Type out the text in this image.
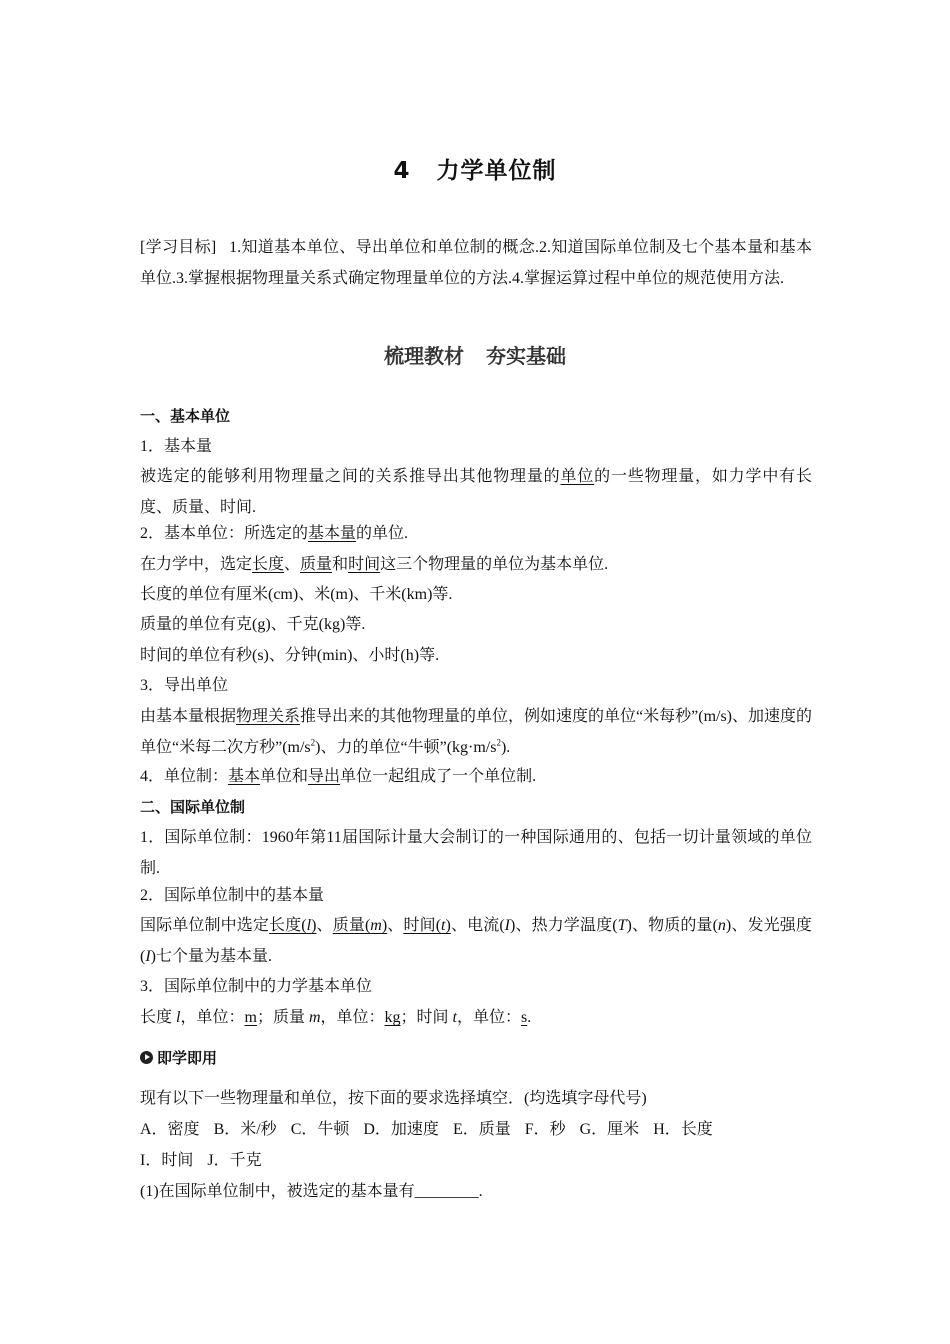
4 力学单位制
[学习目标] 1.知道基本单位、导出单位和单位制的概念.2.知道国际单位制及七个基本量和基本单位.3.掌握根据物理量关系式确定物理量单位的方法.4.掌握运算过程中单位的规范使用方法.
梳理教材 夯实基础
一、基本单位
1．基本量
被选定的能够利用物理量之间的关系推导出其他物理量的单位的一些物理量，如力学中有长度、质量、时间.
2．基本单位：所选定的基本量的单位.
在力学中，选定长度、质量和时间这三个物理量的单位为基本单位.
长度的单位有厘米(cm)、米(m)、千米(km)等.
质量的单位有克(g)、千克(kg)等.
时间的单位有秒(s)、分钟(min)、小时(h)等.
3．导出单位
由基本量根据物理关系推导出来的其他物理量的单位，例如速度的单位“米每秒”(m/s)、加速度的单位“米每二次方秒$”(m/s^2)$、力的单位“牛顿$”(kg\cdot m/s^2)$.
4．单位制：基本单位和导出单位一起组成了一个单位制.
二、国际单位制
1．国际单位制：1960年第11届国际计量大会制订的一种国际通用的、包括一切计量领域的单位制.
2．国际单位制中的基本量
国际单位制中选定长度(l)、质量(m)、时间(t)、电流(I)、热力学温度(T)、物质的量(n)、发光强度(I)七个量为基本量.
3．国际单位制中的力学基本单位
长度 l，单位：m；质量 m，单位：kg；时间 t，单位：s.
即学即用
现有以下一些物理量和单位，按下面的要求选择填空．(均选填字母代号)
A．密度 B．米/秒 C．牛顿 D．加速度 E．质量 F．秒 G．厘米 H．长度
I．时间 J．千克
(1)在国际单位制中，被选定的基本量有________.
